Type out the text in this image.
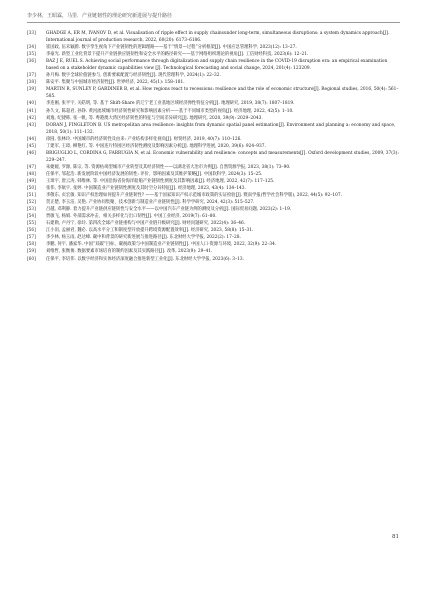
李少林，王昭霖，马里．产业链韧性的理论研究新进展与提升路径
[33]	GHADGE A, ER M, IVANOV D, et al. Visualisation of ripple effect in supply chainsunder long-term, simultaneous disruptions: a system dynamics approach[J]. International journal of production research, 2022, 60(20): 6173–6186.
[34]	崔国政, 伍未颖蔚. 数字孪生视角下产业链韧性的逻辑理路——基于“情景—过程”分析框架[J]. 中国应急管理科学, 2023(12): 13–27.
[35]	李豪光. 新型工业化背景下提升产业链供应链韧性和安全水平的路径研究——基于网络组织理论的视角[J]. 工信财经科技, 2023(6): 12–21.
[36]	BAZ J E, RUEL S. Achieving social performance through digitalization and supply chain resilience in the COVID-19 disruption era: an empirical examination based on a stakeholder dynamic capabilities view [J]. Technological forecasting and social change, 2024, 201(4): 123209.
[37]	孙月梅. 数字全球价值链参与, 创新要素配置与经济韧性[J]. 现代管理科学, 2024(1): 22–32.
[38]	陈安平. 集聚与中国城市经济韧性[J]. 世界经济, 2022, 45(1): 158–181.
[39]	MARTIN R, SUNLEY P, GARDINER B, et al. How regions react to recessions: resilience and the role of economic structure[J]. Regional studies, 2016, 50(4): 561–585.
[40]	李连刚, 张平宇, 关皓明, 等. 基于 Shift-Share 的辽宁老工业基地区域经济弹性特征分析[J]. 地理研究, 2019, 38(7): 1807–1819.
[41]	孙久文, 陈超君, 孙铮. 黄河流域城市经济韧性研究和影响因素分析——基于不同城市类型的视角[J]. 经济地理, 2022, 42(5): 1–10.
[42]	刘逸, 纪捷韩, 张一帆, 等. 粤港澳大湾区经济韧性的特征与空间差异研究[J]. 地理研究, 2020, 39(9): 2029–2043.
[43]	DORAN J, FINGLETON B. US metropolitan area resilience: insights from dynamic spatial panel estimation[J]. Environment and planning a: economy and space, 2018, 50(1): 111–132.
[44]	徐圆, 张林玲. 中国城市的经济韧性及由来: 产业结构多样化视角[J]. 财贸经济, 2019, 40(7): 110–126.
[45]	丁建军, 王璋, 柳艳红, 等. 中国连片特困区经济韧性测度及影响因素分析[J]. 地理科学进展, 2020, 39(6): 924–937.
[46]	BRIGUGLIO L, CORDINA G, FARRUGIA N, et al. Economic vulnerability and resilience: concepts and measurements[J]. Oxford development studies, 2009, 37(3): 229–247.
[47]	朱婕媛, 罗源, 陈宗, 等. 资源枯竭型城市产业转型及其经济韧性——以湖北省大冶市为例[J]. 自然资源学报, 2023, 38(1): 73–90.
[48]	任保平, 邹起浩. 新发展阶段中国经济发展的韧性: 评价、影响因素及其维护策略[J]. 中国软科学, 2024(3): 15–25.
[49]	王璋宇, 唐云涛, 韩维林, 等. 中国沿海省份海洋船舶产业链韧性测度及其影响因素[J]. 经济地理, 2022, 42(7): 117–125.
[50]	张伟, 李航宇, 张婷. 中国制造业产业链韧性测度及其时空分异特征[J]. 经济地理, 2023, 43(4): 134–143.
[51]	李敬东, 贞宏敏. 知识产权治理如何提升产业链韧性? ——基于国家知识产权示范城市政策的实证检验[J]. 暨南学报(哲学社会科学版), 2022, 44(5): 92–107.
[52]	贺正楚, 李玉洁, 吴艳. 产业协同集聚、技术创新与制造业产业链韧性[J]. 科学学研究, 2024, 42(3): 515–527.
[53]	吕越, 邓利静. 着力提升产业链供应链韧性与安全水平——以中国汽车产业链为例的测度及分析[J]. 国际贸易问题, 2023(2): 1–19.
[54]	贾敏飞, 杨娟. 外部需求冲击、相关多样化与出口韧性[J]. 中国工业经济, 2019(7): 61–80.
[55]	石建勋, 卢丹宁, 徐玲. 第四次全球产业链重构与中国产业链升级研究[J]. 财经问题研究, 2022(4): 36–46.
[56]	江小涓, 孟丽君, 魏必. 以高水平分工和制度型开放提升跨境资源配置效率[J]. 经济研究, 2023, 58(8): 15–31.
[57]	李少林, 杨玉雨, 赵达峰. 碳中和背景的研究新进展与推进路径[J]. 东北财经大学学报, 2022(2): 17–28.
[58]	李鹏, 何宇, 潘家华. 中国“双碳”目标、碳税政策与中国制造业产业链韧性[J]. 中国人口·资源与环境, 2022, 32(9): 22–34.
[59]	刘维哲, 张衡俊. 数据要素市场培育的制约因素及其实践路径[J]. 改革, 2023(9): 29–41.
[60]	任保平, 李培伟. 以数字经济和实体经济深度融合推进新型工业化[J]. 东北财经大学学报, 2023(6): 3–13.
81
